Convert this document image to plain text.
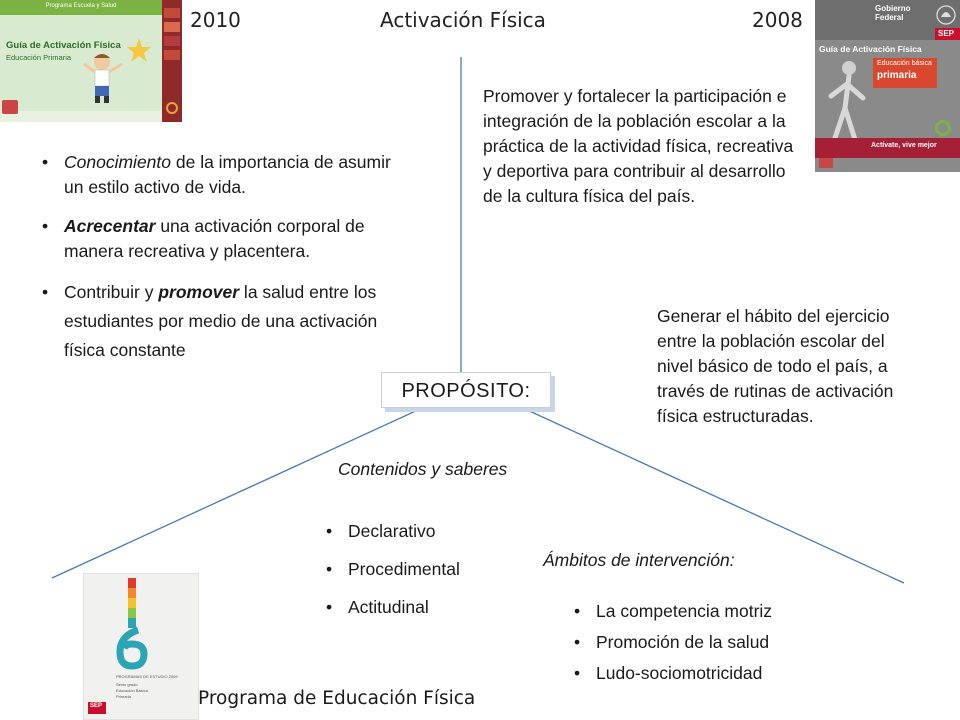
2010	Activación Física	2008
Programa Escuela y Salud
Guía de Activación Física
Educación Primaria
Gobierno Federal
SEP
Guía de Activación Física
Educación básica
primaria
Actívate, vive mejor
• Conocimiento de la importancia de asumir un estilo activo de vida.
• Acrecentar una activación corporal de manera recreativa y placentera.
• Contribuir y promover la salud entre los estudiantes por medio de una activación física constante
Promover y fortalecer la participación e integración de la población escolar a la práctica de la actividad física, recreativa y deportiva para contribuir al desarrollo de la cultura física del país.
Generar el hábito del ejercicio entre la población escolar del nivel básico de todo el país, a través de rutinas de activación física estructuradas.
PROPÓSITO:
Contenidos y saberes
• Declarativo
• Procedimental
• Actitudinal
Ámbitos de intervención:
• La competencia motriz
• Promoción de la salud
• Ludo-sociomotricidad
PROGRAMAS DE ESTUDIO 2009
Sexto grado
Educación Básica
Primaria
SEP	Programa de Educación Física
